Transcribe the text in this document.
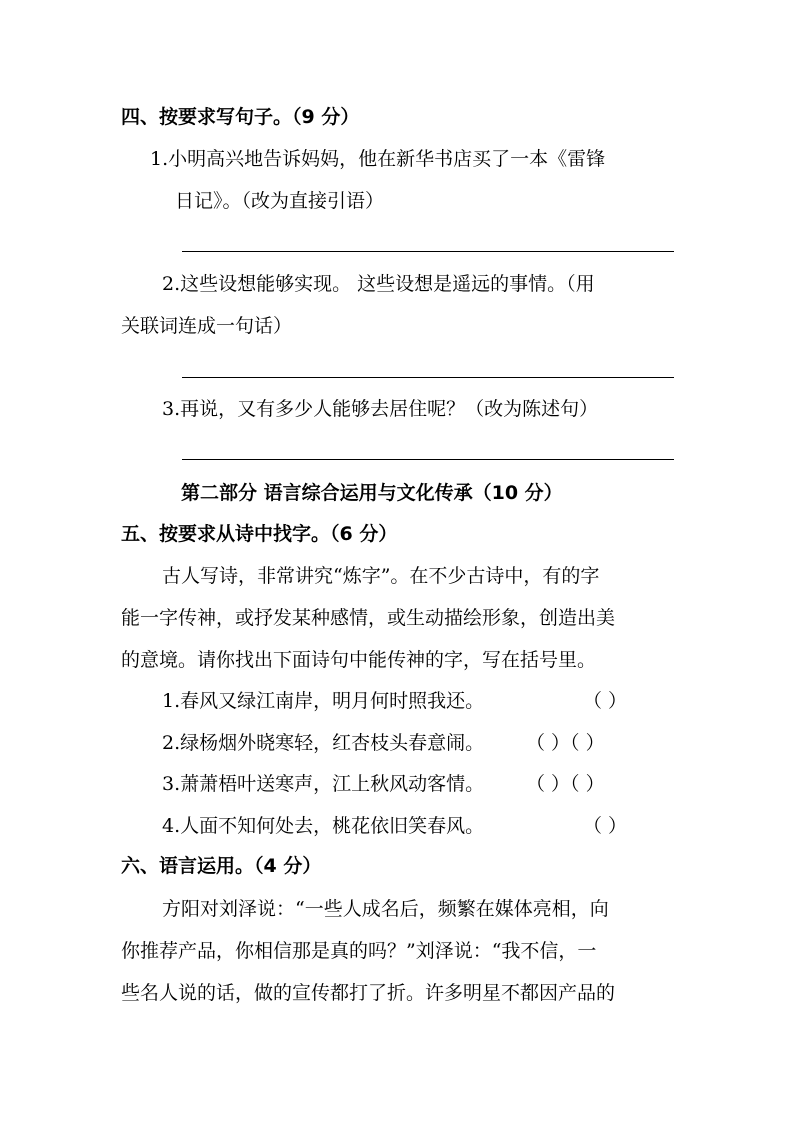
四、按要求写句子。（9 分）
1.小明高兴地告诉妈妈，他在新华书店买了一本《雷锋
日记》。（改为直接引语）
2.这些设想能够实现。 这些设想是遥远的事情。（用
关联词连成一句话）
3.再说，又有多少人能够去居住呢？（改为陈述句）
第二部分 语言综合运用与文化传承（10 分）
五、按要求从诗中找字。（6 分）
古人写诗，非常讲究“炼字”。在不少古诗中，有的字
能一字传神，或抒发某种感情，或生动描绘形象，创造出美
的意境。请你找出下面诗句中能传神的字，写在括号里。
1.春风又绿江南岸，明月何时照我还。	（ ）
2.绿杨烟外晓寒轻，红杏枝头春意闹。 （ ）（ ）
3.萧萧梧叶送寒声，江上秋风动客情。 （ ）（ ）
4.人面不知何处去，桃花依旧笑春风。	（ ）
六、语言运用。（4 分）
方阳对刘泽说：“一些人成名后，频繁在媒体亮相，向
你推荐产品，你相信那是真的吗？”刘泽说：“我不信，一
些名人说的话，做的宣传都打了折。许多明星不都因产品的
